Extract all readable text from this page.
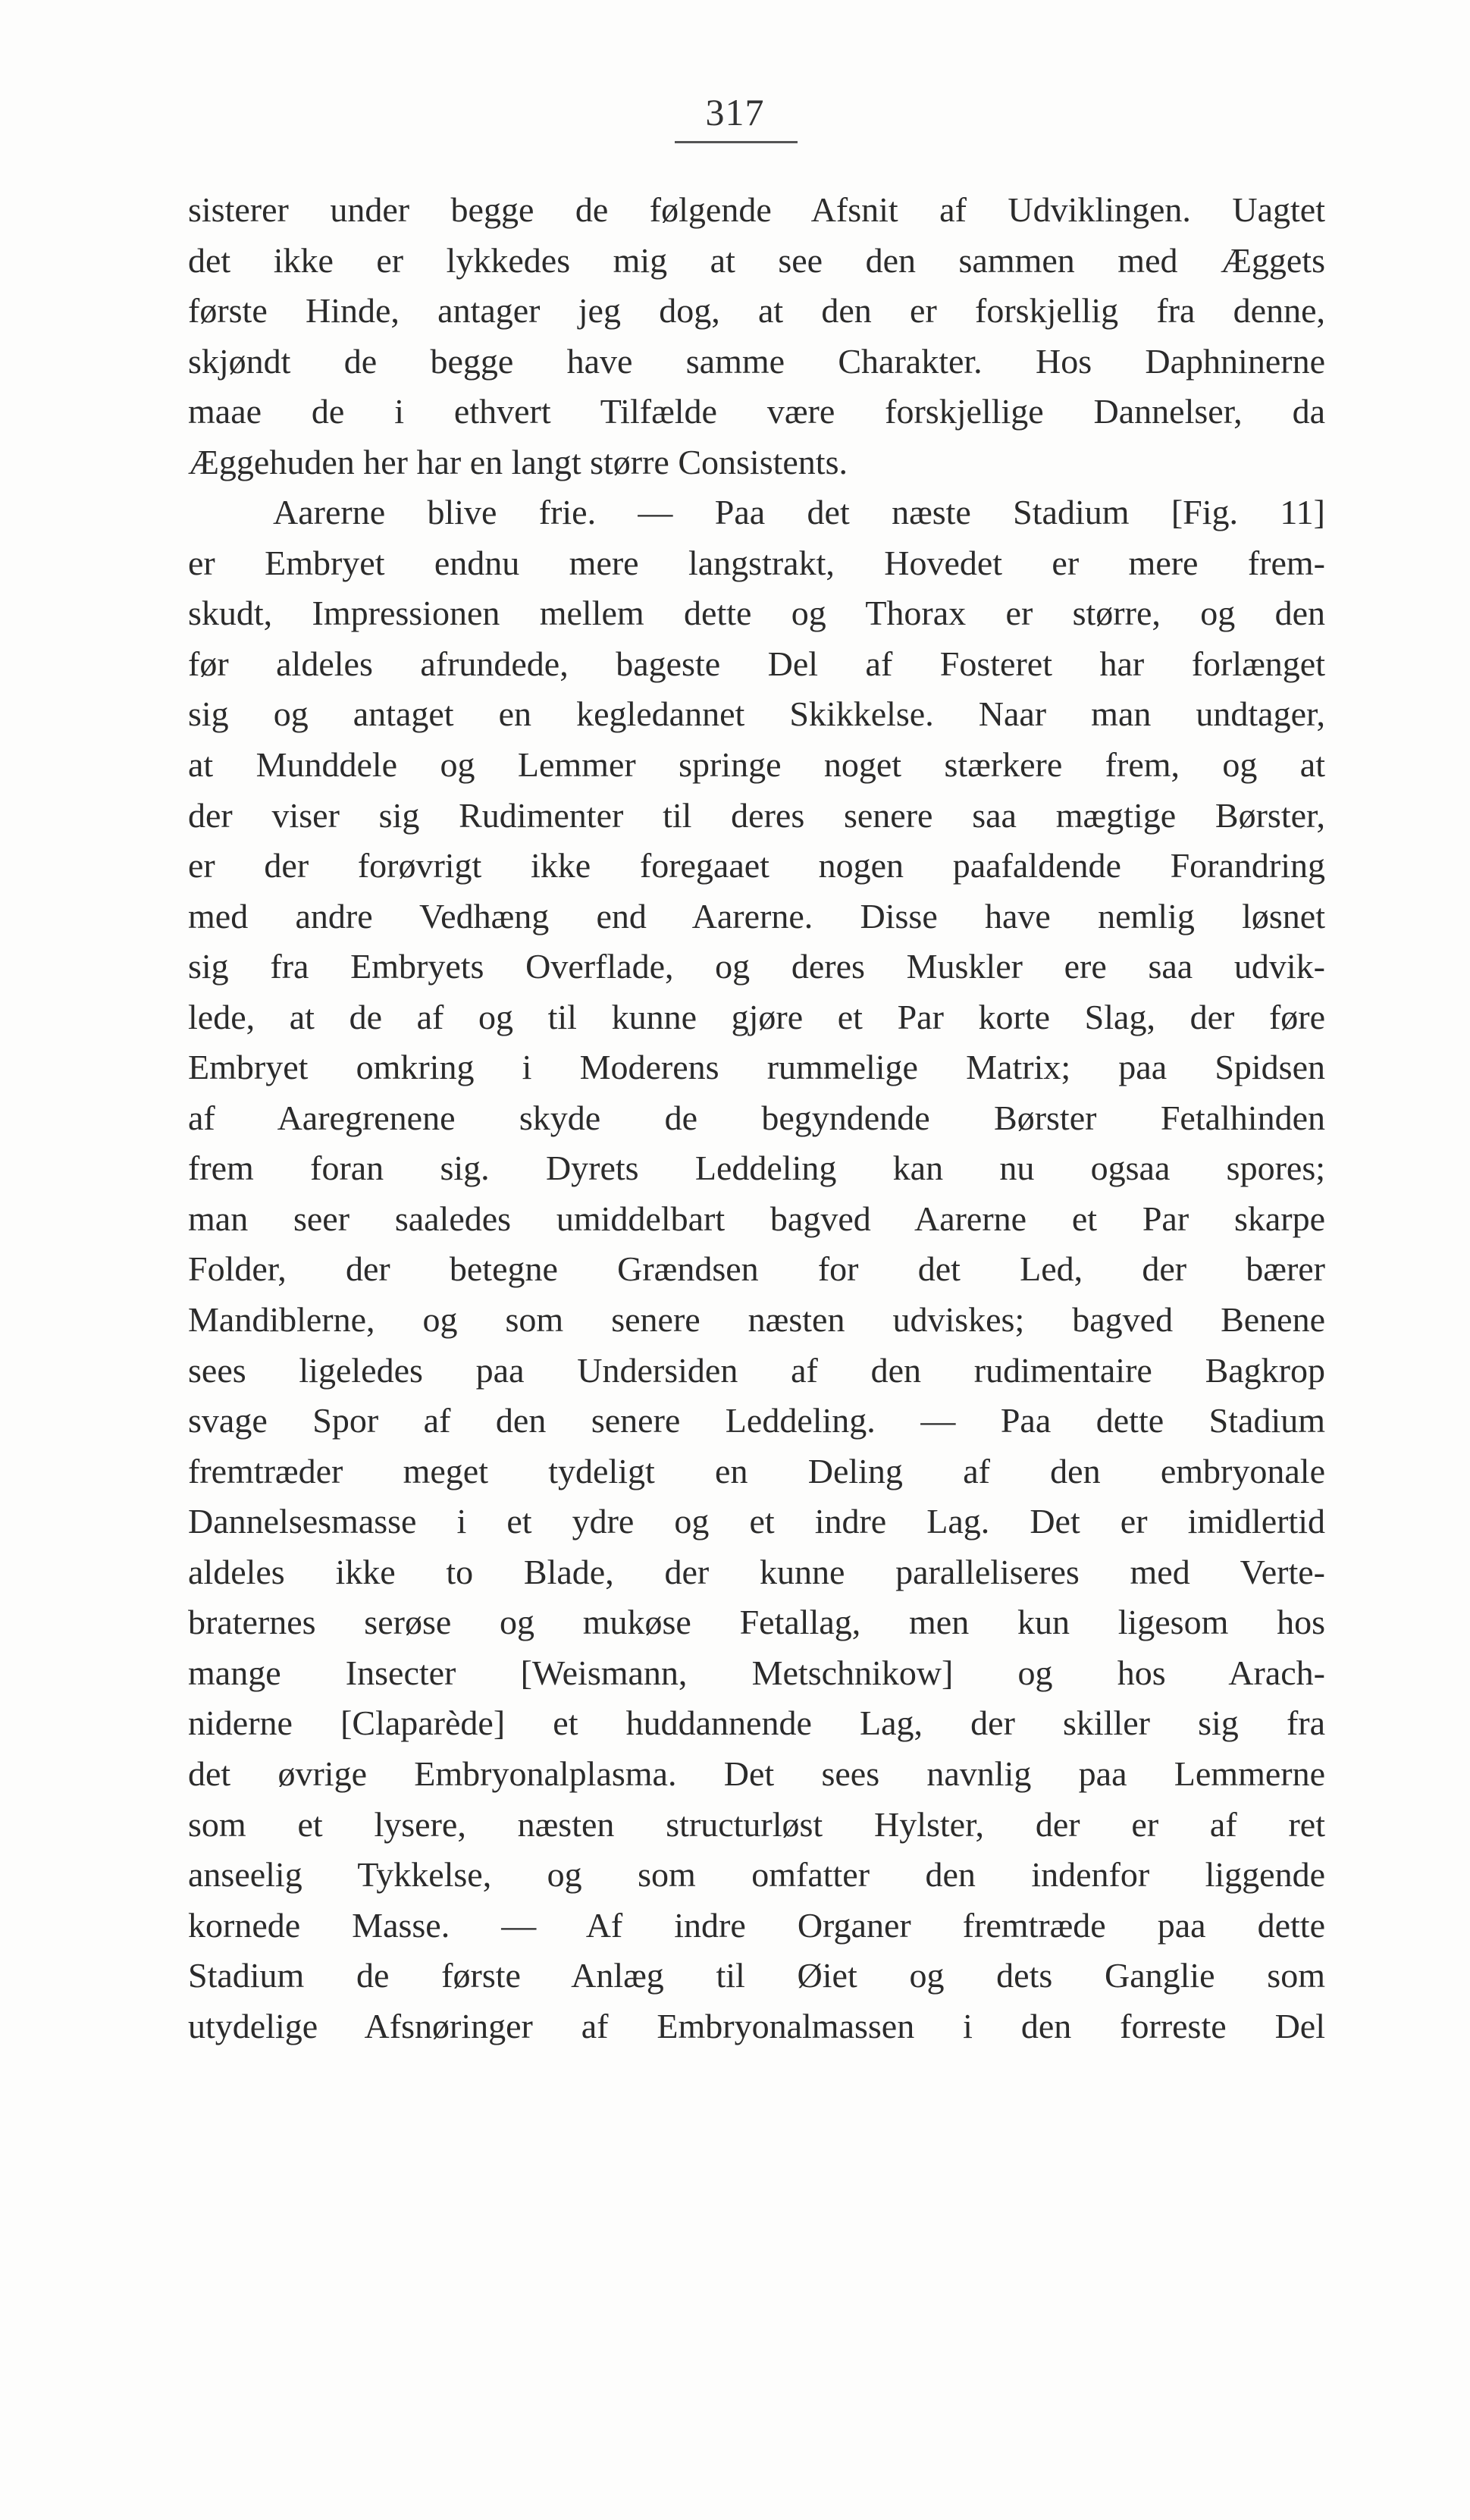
317
sisterer under begge de følgende Afsnit af Udviklingen. Uagtet
det ikke er lykkedes mig at see den sammen med Æggets
første Hinde, antager jeg dog, at den er forskjellig fra denne,
skjøndt de begge have samme Charakter. Hos Daphninerne
maae de i ethvert Tilfælde være forskjellige Dannelser, da
Æggehuden her har en langt større Consistents.
Aarerne blive frie. — Paa det næste Stadium [Fig. 11]
er Embryet endnu mere langstrakt, Hovedet er mere frem-
skudt, Impressionen mellem dette og Thorax er større, og den
før aldeles afrundede, bageste Del af Fosteret har forlænget
sig og antaget en kegledannet Skikkelse. Naar man undtager,
at Munddele og Lemmer springe noget stærkere frem, og at
der viser sig Rudimenter til deres senere saa mægtige Børster,
er der forøvrigt ikke foregaaet nogen paafaldende Forandring
med andre Vedhæng end Aarerne. Disse have nemlig løsnet
sig fra Embryets Overflade, og deres Muskler ere saa udvik-
lede, at de af og til kunne gjøre et Par korte Slag, der føre
Embryet omkring i Moderens rummelige Matrix; paa Spidsen
af Aaregrenene skyde de begyndende Børster Fetalhinden
frem foran sig. Dyrets Leddeling kan nu ogsaa spores;
man seer saaledes umiddelbart bagved Aarerne et Par skarpe
Folder, der betegne Grændsen for det Led, der bærer
Mandiblerne, og som senere næsten udviskes; bagved Benene
sees ligeledes paa Undersiden af den rudimentaire Bagkrop
svage Spor af den senere Leddeling. — Paa dette Stadium
fremtræder meget tydeligt en Deling af den embryonale
Dannelsesmasse i et ydre og et indre Lag. Det er imidlertid
aldeles ikke to Blade, der kunne paralleliseres med Verte-
braternes serøse og mukøse Fetallag, men kun ligesom hos
mange Insecter [Weismann, Metschnikow] og hos Arach-
niderne [Claparède] et huddannende Lag, der skiller sig fra
det øvrige Embryonalplasma. Det sees navnlig paa Lemmerne
som et lysere, næsten structurløst Hylster, der er af ret
anseelig Tykkelse, og som omfatter den indenfor liggende
kornede Masse. — Af indre Organer fremtræde paa dette
Stadium de første Anlæg til Øiet og dets Ganglie som
utydelige Afsnøringer af Embryonalmassen i den forreste Del
